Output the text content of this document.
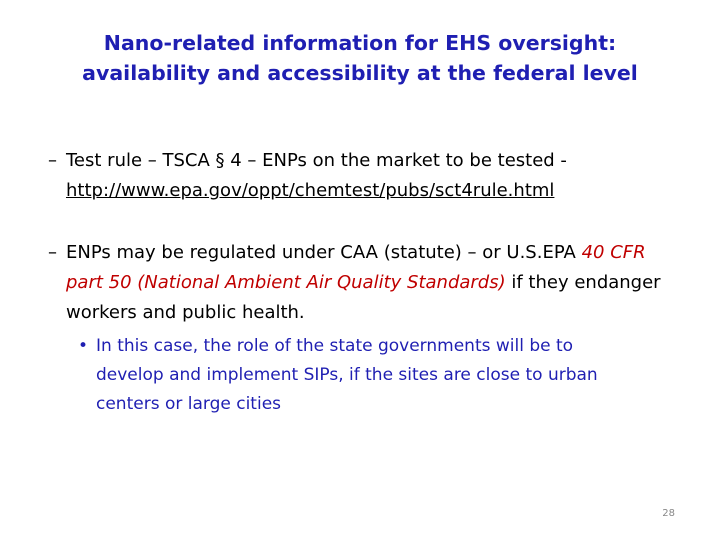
Nano-related information for EHS oversight:
availability and accessibility at the federal level
– Test rule – TSCA § 4 – ENPs on the market to be tested -
http://www.epa.gov/oppt/chemtest/pubs/sct4rule.html
– ENPs may be regulated under CAA (statute) – or U.S.EPA 40 CFR
part 50 (National Ambient Air Quality Standards) if they endanger
workers and public health.
• In this case, the role of the state governments will be to
develop and implement SIPs, if the sites are close to urban
centers or large cities
28
